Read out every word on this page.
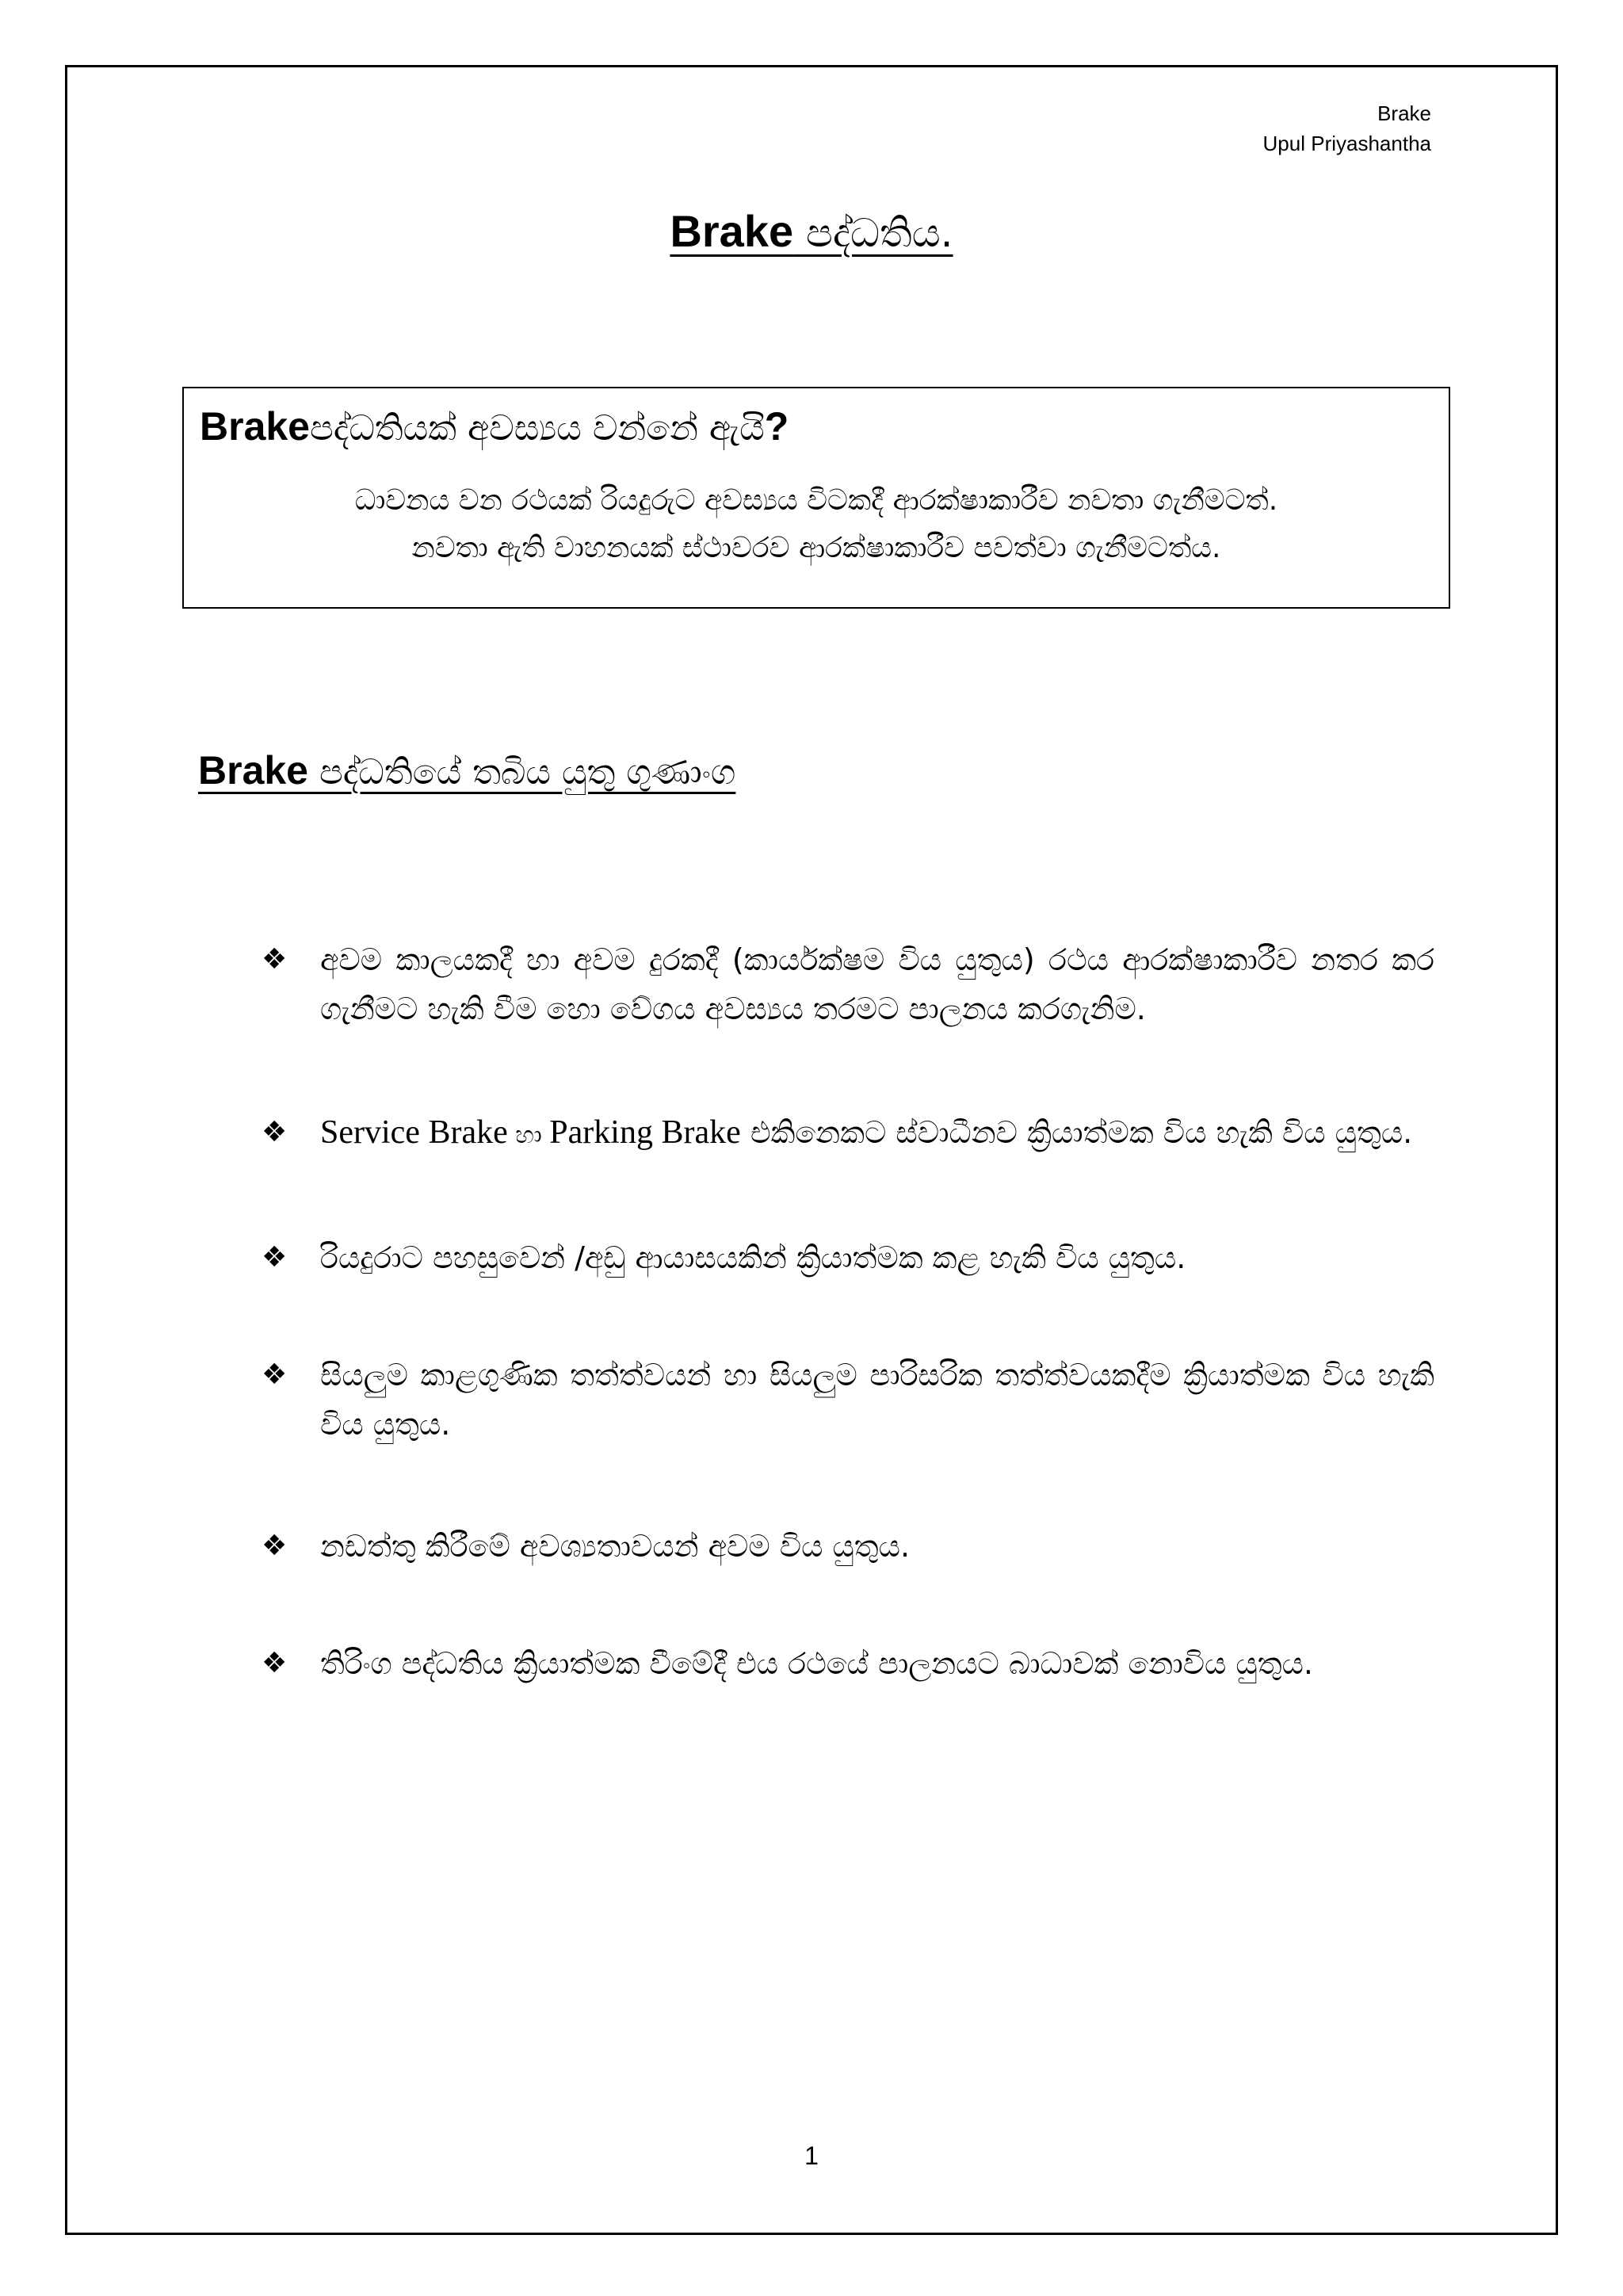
Brake
Upul Priyashantha
Brake පද්ධතිය.
Brakeපද්ධතියක් අවස්‍යය වන්නේ ඇයි?
ධාවනය වන රථයක් රියදුරුට අවස්‍යය විටකදී ආරක්ෂාකාරීව නවතා ගැනීමටත්.
නවතා ඇති වාහනයක් ස්ථාවරව ආරක්ෂාකාරීව පවත්වා ගැනීමටත්ය.
Brake පද්ධතියේ තබිය යුතු ගුණාංග
❖ අවම කාලයකදී හා අවම දුරකදී (කාර්යක්ෂම විය යුතුය) රථය ආරක්ෂාකාරීව නතර කර ගැනීමට හැකි වීම හො වේගය අවස්‍යය තරමට පාලනය කරගැනිම.
❖ Service Brake හා Parking Brake එකිනෙකට ස්වාධීනව ක්‍රියාත්මක විය හැකි විය යුතුය.
❖ රියදුරාට පහසුවෙන් /අඩු ආයාසයකින් ක්‍රියාත්මක කළ හැකි විය යුතුය.
❖ සියලුම කාළගුණික තත්ත්වයන් හා සියලුම පාරිසරික තත්ත්වයකදීම ක්‍රියාත්මක විය හැකි විය යුතුය.
❖ නඩත්තු කිරීමේ අවශ්‍යතාවයන් අවම විය යුතුය.
❖ තිරිංග පද්ධතිය ක්‍රියාත්මක වීමේදී එය රථයේ පාලනයට බාධාවක් නොවිය යුතුය.
1
